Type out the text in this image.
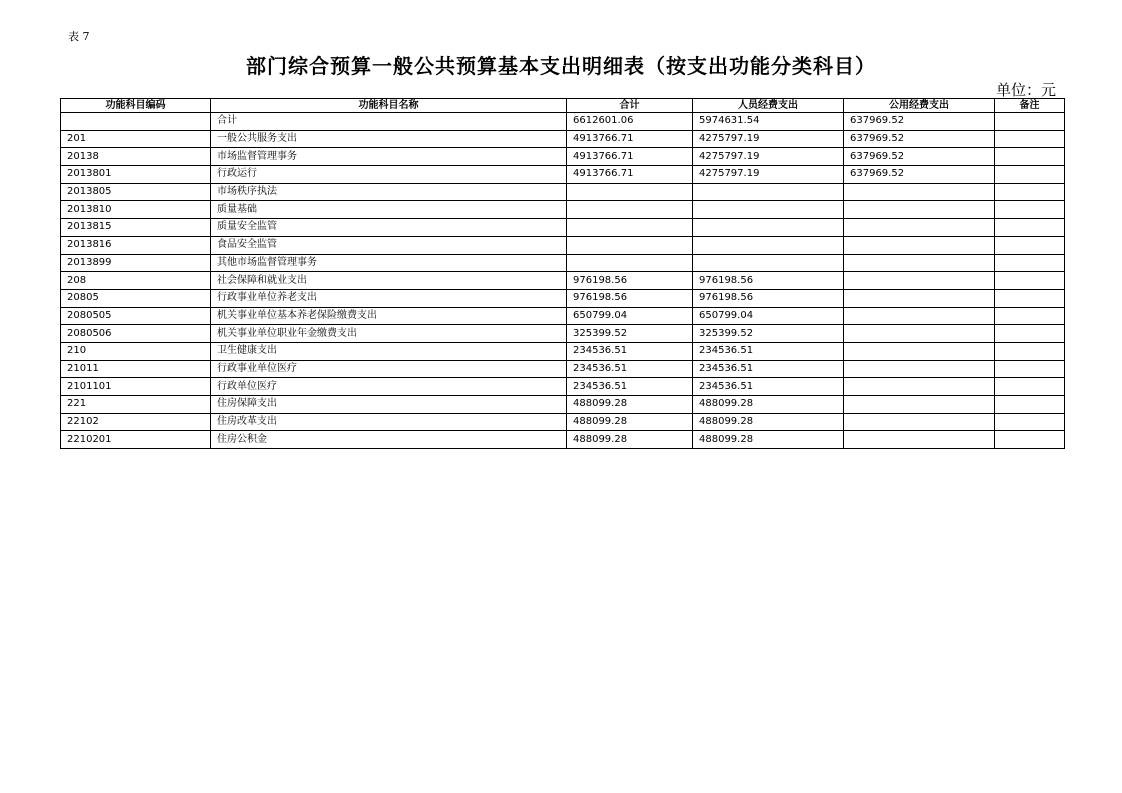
表 7
部门综合预算一般公共预算基本支出明细表（按支出功能分类科目）
单位：元
功能科目编码	功能科目名称	合计	人员经费支出	公用经费支出	备注
	合计	6612601.06	5974631.54	637969.52	
201	一般公共服务支出	4913766.71	4275797.19	637969.52	
20138	市场监督管理事务	4913766.71	4275797.19	637969.52	
2013801	行政运行	4913766.71	4275797.19	637969.52	
2013805	市场秩序执法				
2013810	质量基础				
2013815	质量安全监管				
2013816	食品安全监管				
2013899	其他市场监督管理事务				
208	社会保障和就业支出	976198.56	976198.56		
20805	行政事业单位养老支出	976198.56	976198.56		
2080505	机关事业单位基本养老保险缴费支出	650799.04	650799.04		
2080506	机关事业单位职业年金缴费支出	325399.52	325399.52		
210	卫生健康支出	234536.51	234536.51		
21011	行政事业单位医疗	234536.51	234536.51		
2101101	行政单位医疗	234536.51	234536.51		
221	住房保障支出	488099.28	488099.28		
22102	住房改革支出	488099.28	488099.28		
2210201	住房公积金	488099.28	488099.28		
